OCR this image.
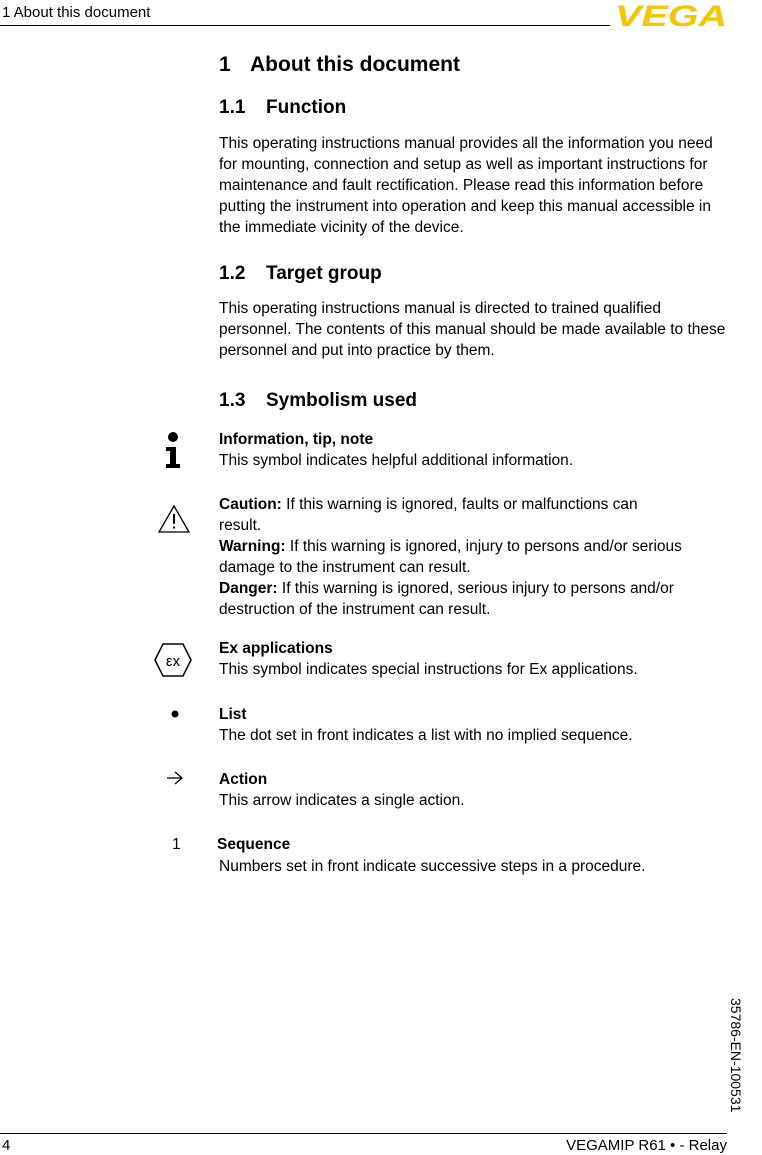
1 About this document	VEGA
1 About this document
1.1 Function

This operating instructions manual provides all the information you need for mounting, connection and setup as well as important instructions for maintenance and fault rectification. Please read this information before putting the instrument into operation and keep this manual accessible in the immediate vicinity of the device.

1.2 Target group

This operating instructions manual is directed to trained qualified personnel. The contents of this manual should be made available to these personnel and put into practice by them.

1.3 Symbolism used

Information, tip, note

This symbol indicates helpful additional information.

Caution: If this warning is ignored, faults or malfunctions can result.

Warning: If this warning is ignored, injury to persons and/or serious damage to the instrument can result.

Danger: If this warning is ignored, serious injury to persons and/or destruction of the instrument can result.

εx

Ex applications

This symbol indicates special instructions for Ex applications.

List

The dot set in front indicates a list with no implied sequence.

Action

This arrow indicates a single action.

1 Sequence

Numbers set in front indicate successive steps in a procedure.

35786-EN-100531
4	VEGAMIP R61 • - Relay
